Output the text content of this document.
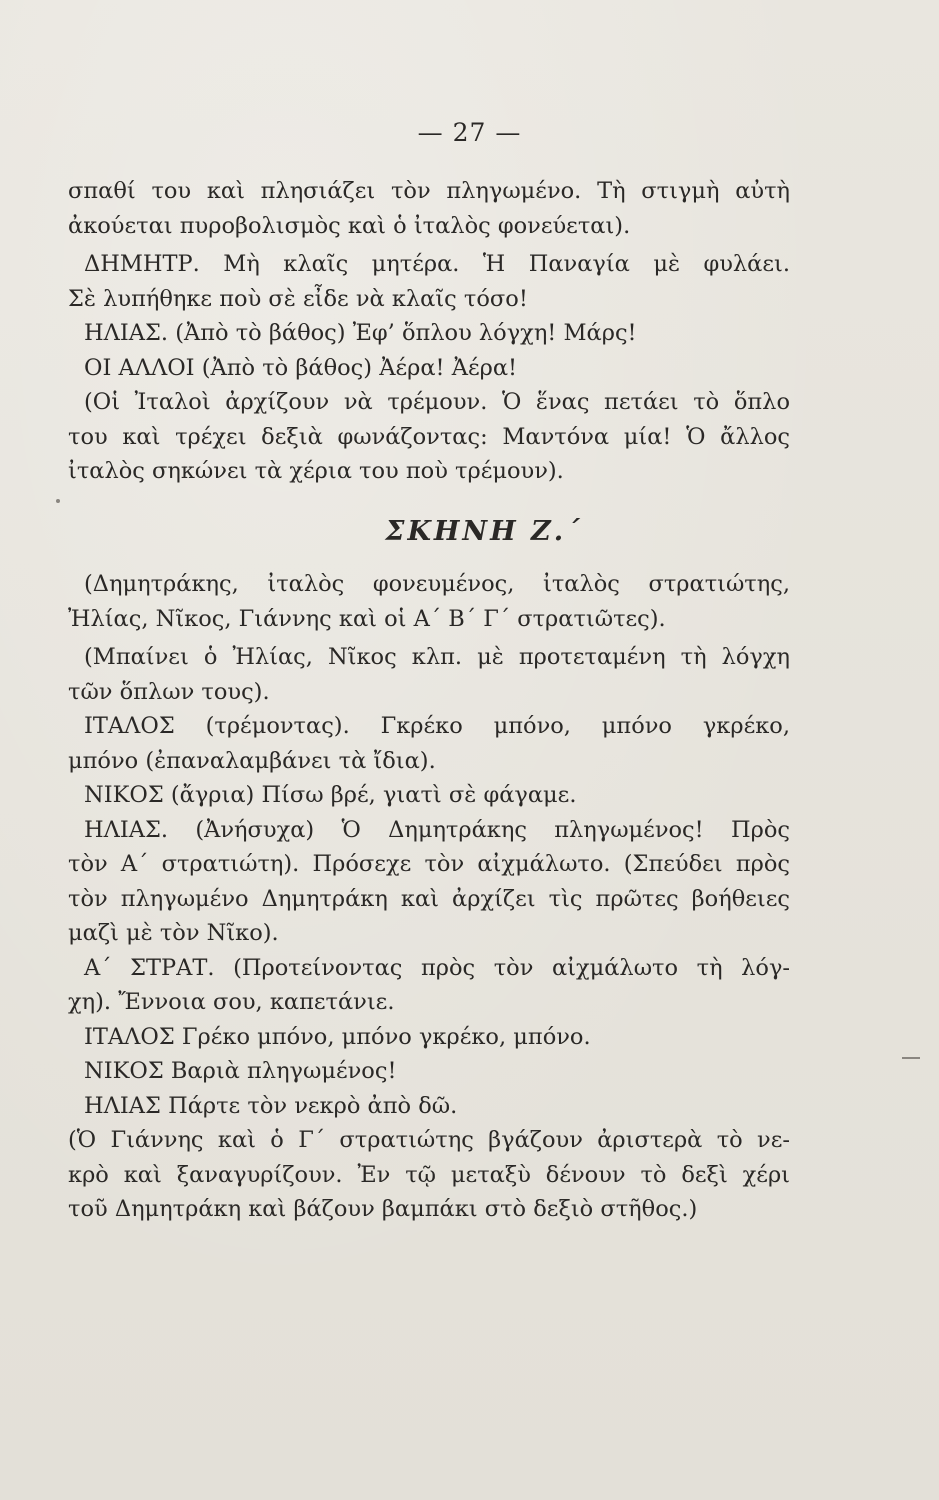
— 27 —
σπαθί του καὶ πλησιάζει τὸν πληγωμένο. Τὴ στιγμὴ αὐτὴ
ἀκούεται πυροβολισμὸς καὶ ὁ ἰταλὸς φονεύεται).
ΔΗΜΗΤΡ. Μὴ κλαῖς μητέρα. Ἡ Παναγία μὲ φυλάει.
Σὲ λυπήθηκε ποὺ σὲ εἶδε νὰ κλαῖς τόσο!
ΗΛΙΑΣ. (Ἀπὸ τὸ βάθος) Ἐφ’ ὅπλου λόγχη! Μάρς!
ΟΙ ΑΛΛΟΙ (Ἀπὸ τὸ βάθος) Ἀέρα! Ἀέρα!
(Οἱ Ἰταλοὶ ἀρχίζουν νὰ τρέμουν. Ὁ ἕνας πετάει τὸ ὅπλο
του καὶ τρέχει δεξιὰ φωνάζοντας: Μαντόνα μία! Ὁ ἄλλος
ἰταλὸς σηκώνει τὰ χέρια του ποὺ τρέμουν).
ΣΚΗΝΗ Ζ.΄
(Δημητράκης, ἰταλὸς φονευμένος, ἰταλὸς στρατιώτης,
Ἠλίας, Νῖκος, Γιάννης καὶ οἱ Α΄ Β΄ Γ΄ στρατιῶτες).
(Μπαίνει ὁ Ἠλίας, Νῖκος κλπ. μὲ προτεταμένη τὴ λόγχη
τῶν ὅπλων τους).
ΙΤΑΛΟΣ (τρέμοντας). Γκρέκο μπόνο, μπόνο γκρέκο,
μπόνο (ἐπαναλαμβάνει τὰ ἴδια).
ΝΙΚΟΣ (ἄγρια) Πίσω βρέ, γιατὶ σὲ φάγαμε.
ΗΛΙΑΣ. (Ἀνήσυχα) Ὁ Δημητράκης πληγωμένος! Πρὸς
τὸν Α΄ στρατιώτη). Πρόσεχε τὸν αἰχμάλωτο. (Σπεύδει πρὸς
τὸν πληγωμένο Δημητράκη καὶ ἀρχίζει τὶς πρῶτες βοήθειες
μαζὶ μὲ τὸν Νῖκο).
Α΄ ΣΤΡΑΤ. (Προτείνοντας πρὸς τὸν αἰχμάλωτο τὴ λόγ-
χη). Ἔννοια σου, καπετάνιε.
ΙΤΑΛΟΣ Γρέκο μπόνο, μπόνο γκρέκο, μπόνο.
ΝΙΚΟΣ Βαριὰ πληγωμένος!
ΗΛΙΑΣ Πάρτε τὸν νεκρὸ ἀπὸ δῶ.
(Ὁ Γιάννης καὶ ὁ Γ΄ στρατιώτης βγάζουν ἀριστερὰ τὸ νε-
κρὸ καὶ ξαναγυρίζουν. Ἐν τῷ μεταξὺ δένουν τὸ δεξὶ χέρι
τοῦ Δημητράκη καὶ βάζουν βαμπάκι στὸ δεξιὸ στῆθος.)
